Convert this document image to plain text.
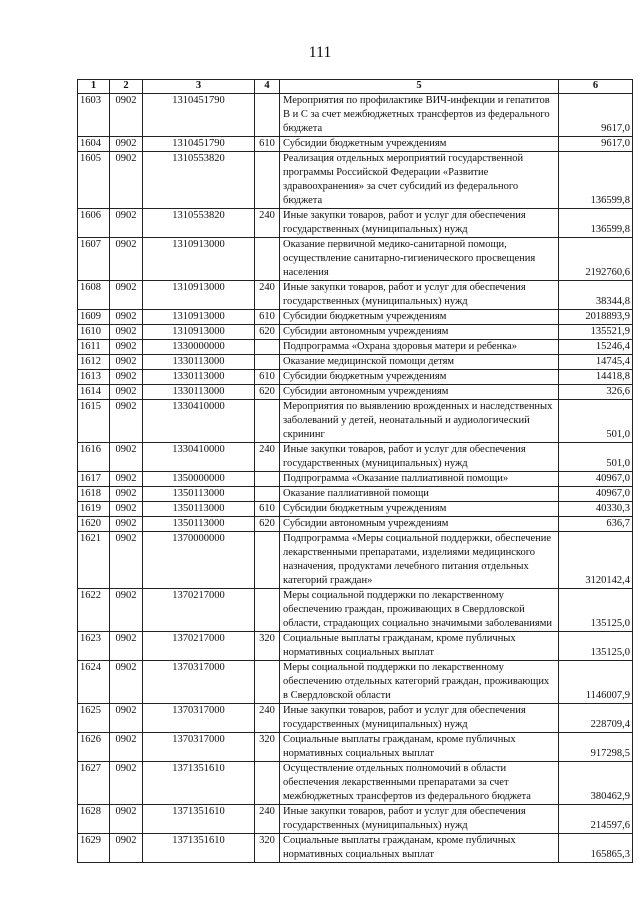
111
1	2	3	4	5	6
1603	0902	1310451790		Мероприятия по профилактике ВИЧ-инфекции и гепатитов В и С за счет межбюджетных трансфертов из федерального бюджета	9617,0
1604	0902	1310451790	610	Субсидии бюджетным учреждениям	9617,0
1605	0902	1310553820		Реализация отдельных мероприятий государственной программы Российской Федерации «Развитие здравоохранения» за счет субсидий из федерального бюджета	136599,8
1606	0902	1310553820	240	Иные закупки товаров, работ и услуг для обеспечения государственных (муниципальных) нужд	136599,8
1607	0902	1310913000		Оказание первичной медико-санитарной помощи, осуществление санитарно-гигиенического просвещения населения	2192760,6
1608	0902	1310913000	240	Иные закупки товаров, работ и услуг для обеспечения государственных (муниципальных) нужд	38344,8
1609	0902	1310913000	610	Субсидии бюджетным учреждениям	2018893,9
1610	0902	1310913000	620	Субсидии автономным учреждениям	135521,9
1611	0902	1330000000		Подпрограмма «Охрана здоровья матери и ребенка»	15246,4
1612	0902	1330113000		Оказание медицинской помощи детям	14745,4
1613	0902	1330113000	610	Субсидии бюджетным учреждениям	14418,8
1614	0902	1330113000	620	Субсидии автономным учреждениям	326,6
1615	0902	1330410000		Мероприятия по выявлению врожденных и наследственных заболеваний у детей, неонатальный и аудиологический скрининг	501,0
1616	0902	1330410000	240	Иные закупки товаров, работ и услуг для обеспечения государственных (муниципальных) нужд	501,0
1617	0902	1350000000		Подпрограмма «Оказание паллиативной помощи»	40967,0
1618	0902	1350113000		Оказание паллиативной помощи	40967,0
1619	0902	1350113000	610	Субсидии бюджетным учреждениям	40330,3
1620	0902	1350113000	620	Субсидии автономным учреждениям	636,7
1621	0902	1370000000		Подпрограмма «Меры социальной поддержки, обеспечение лекарственными препаратами, изделиями медицинского назначения, продуктами лечебного питания отдельных категорий граждан»	3120142,4
1622	0902	1370217000		Меры социальной поддержки по лекарственному обеспечению граждан, проживающих в Свердловской области, страдающих социально значимыми заболеваниями	135125,0
1623	0902	1370217000	320	Социальные выплаты гражданам, кроме публичных нормативных социальных выплат	135125,0
1624	0902	1370317000		Меры социальной поддержки по лекарственному обеспечению отдельных категорий граждан, проживающих в Свердловской области	1146007,9
1625	0902	1370317000	240	Иные закупки товаров, работ и услуг для обеспечения государственных (муниципальных) нужд	228709,4
1626	0902	1370317000	320	Социальные выплаты гражданам, кроме публичных нормативных социальных выплат	917298,5
1627	0902	1371351610		Осуществление отдельных полномочий в области обеспечения лекарственными препаратами за счет межбюджетных трансфертов из федерального бюджета	380462,9
1628	0902	1371351610	240	Иные закупки товаров, работ и услуг для обеспечения государственных (муниципальных) нужд	214597,6
1629	0902	1371351610	320	Социальные выплаты гражданам, кроме публичных нормативных социальных выплат	165865,3
